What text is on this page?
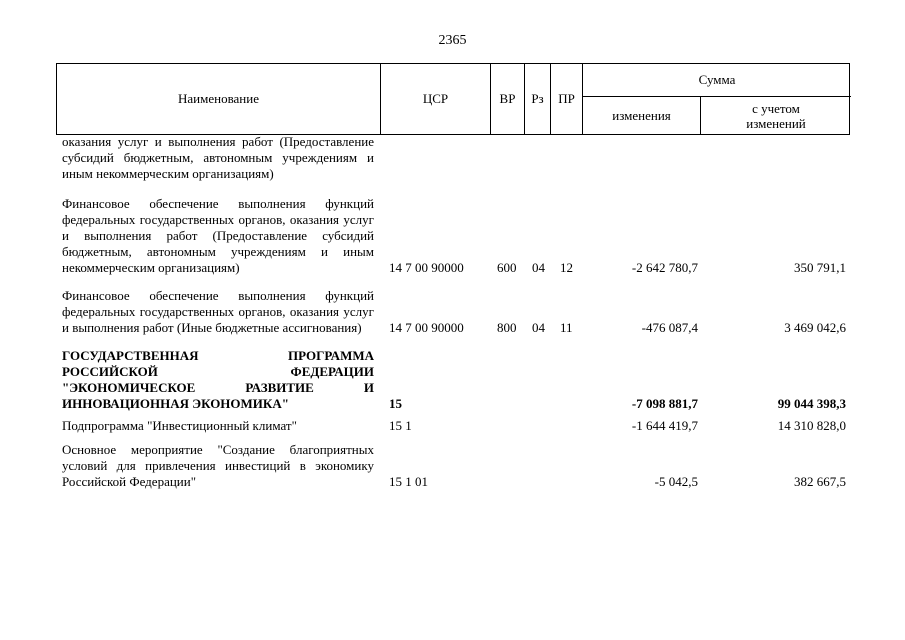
2365
Наименование	ЦСР	ВР	Рз	ПР
Сумма
изменения	с учетом изменений
оказания услуг и выполнения работ (Предоставление субсидий бюджетным, автономным учреждениям и иным некоммерческим организациям)
Финансовое обеспечение выполнения функций федеральных государственных органов, оказания услуг и выполнения работ (Предоставление субсидий бюджетным, автономным учреждениям и иным некоммерческим организациям)	14 7 00 90000	600 04 12	-2 642 780,7	350 791,1
Финансовое обеспечение выполнения функций федеральных государственных органов, оказания услуг и выполнения работ (Иные бюджетные ассигнования)	14 7 00 90000	800 04 11	-476 087,4	3 469 042,6
ГОСУДАРСТВЕННАЯ ПРОГРАММА РОССИЙСКОЙ ФЕДЕРАЦИИ "ЭКОНОМИЧЕСКОЕ РАЗВИТИЕ И ИННОВАЦИОННАЯ ЭКОНОМИКА"	15	-7 098 881,7	99 044 398,3
Подпрограмма "Инвестиционный климат"	15 1	-1 644 419,7	14 310 828,0
Основное мероприятие "Создание благоприятных условий для привлечения инвестиций в экономику Российской Федерации"	15 1 01	-5 042,5	382 667,5
